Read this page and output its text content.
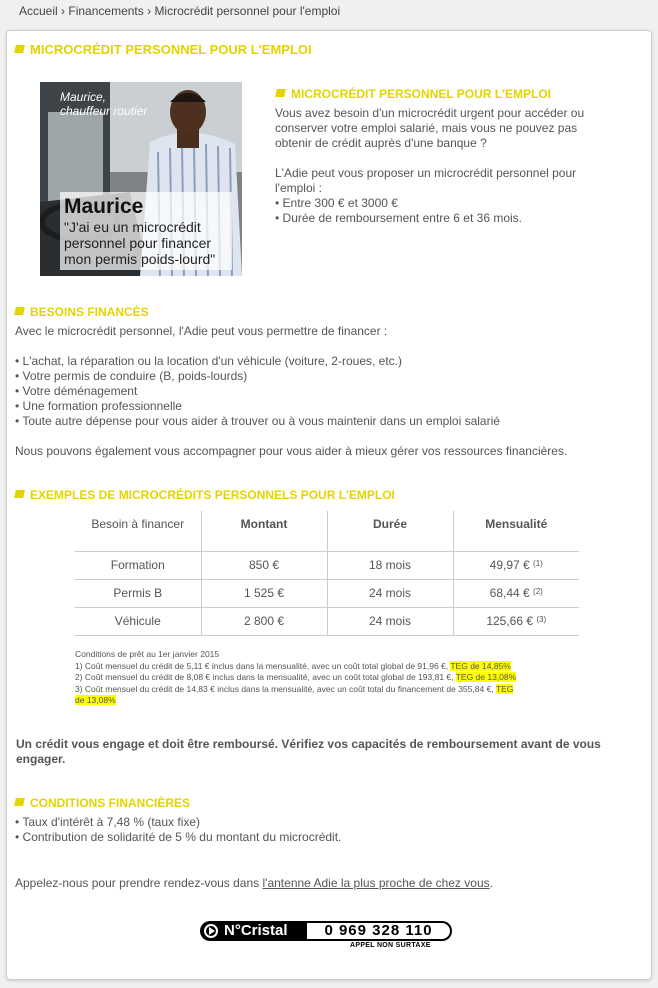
Accueil › Financements › Microcrédit personnel pour l'emploi
MICROCRÉDIT PERSONNEL POUR L'EMPLOI
Maurice,
chauffeur routier
Maurice
"J'ai eu un microcrédit personnel pour financer mon permis poids-lourd"
MICROCRÉDIT PERSONNEL POUR L'EMPLOI

Vous avez besoin d'un microcrédit urgent pour accéder ou conserver votre emploi salarié, mais vous ne pouvez pas obtenir de crédit auprès d'une banque ?

L'Adie peut vous proposer un microcrédit personnel pour l'emploi :

• Entre 300 € et 3000 €

• Durée de remboursement entre 6 et 36 mois.

BESOINS FINANCÉS

Avec le microcrédit personnel, l'Adie peut vous permettre de financer :

• L'achat, la réparation ou la location d'un véhicule (voiture, 2-roues, etc.)

• Votre permis de conduire (B, poids-lourds)

• Votre déménagement

• Une formation professionnelle

• Toute autre dépense pour vous aider à trouver ou à vous maintenir dans un emploi salarié

Nous pouvons également vous accompagner pour vous aider à mieux gérer vos ressources financières.

EXEMPLES DE MICROCRÉDITS PERSONNELS POUR L'EMPLOI
Besoin à financer	Montant	Durée	Mensualité
Formation	850 €	18 mois	49,97 € $^{(1)}$
Permis B	1 525 €	24 mois	68,44 € $^{(2)}$
Véhicule	2 800 €	24 mois	125,66 € $^{(3)}$
Conditions de prêt au 1er janvier 2015
1) Coût mensuel du crédit de 5,11 € inclus dans la mensualité, avec un coût total global de 91,96 €, TEG de 14,85%
2) Coût mensuel du crédit de 8,08 € inclus dans la mensualité, avec un coût total global de 193,81 €, TEG de 13,08%
3) Coût mensuel du crédit de 14,83 € inclus dans la mensualité, avec un coût total du financement de 355,84 €, TEG
de 13,08%
Un crédit vous engage et doit être remboursé. Vérifiez vos capacités de remboursement avant de vous engager.
CONDITIONS FINANCIÈRES

• Taux d'intérêt à 7,48 % (taux fixe)

• Contribution de solidarité de 5 % du montant du microcrédit.

Appelez-nous pour prendre rendez-vous dans l'antenne Adie la plus proche de chez vous.
N°Cristal	0 969 328 110
APPEL NON SURTAXE
